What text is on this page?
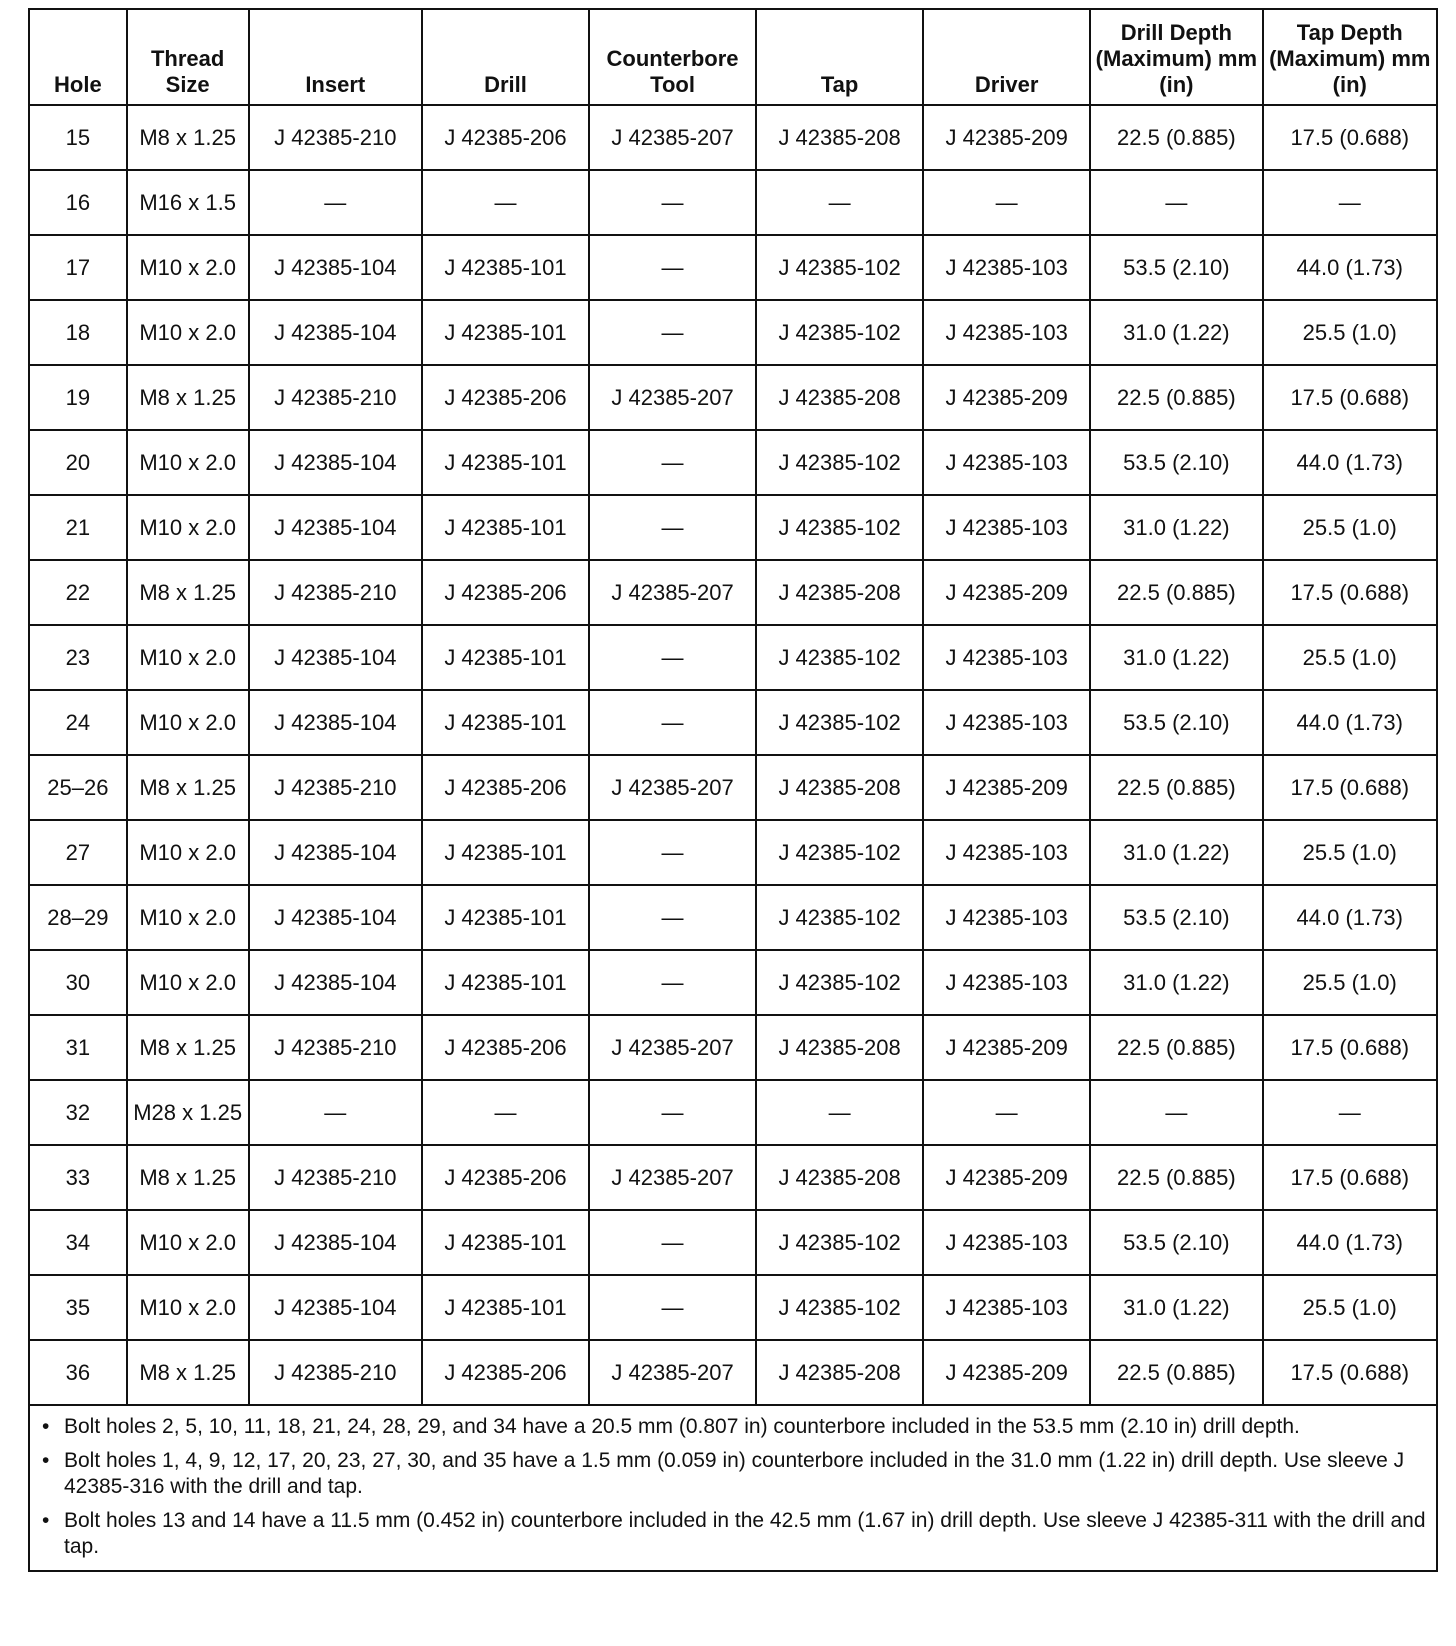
Hole	Thread Size	Insert	Drill	Counterbore Tool	Tap	Driver	Drill Depth (Maximum) mm (in)	Tap Depth (Maximum) mm (in)
15	M8 x 1.25	J 42385-210	J 42385-206	J 42385-207	J 42385-208	J 42385-209	22.5 (0.885)	17.5 (0.688)
16	M16 x 1.5	—	—	—	—	—	—	—
17	M10 x 2.0	J 42385-104	J 42385-101	—	J 42385-102	J 42385-103	53.5 (2.10)	44.0 (1.73)
18	M10 x 2.0	J 42385-104	J 42385-101	—	J 42385-102	J 42385-103	31.0 (1.22)	25.5 (1.0)
19	M8 x 1.25	J 42385-210	J 42385-206	J 42385-207	J 42385-208	J 42385-209	22.5 (0.885)	17.5 (0.688)
20	M10 x 2.0	J 42385-104	J 42385-101	—	J 42385-102	J 42385-103	53.5 (2.10)	44.0 (1.73)
21	M10 x 2.0	J 42385-104	J 42385-101	—	J 42385-102	J 42385-103	31.0 (1.22)	25.5 (1.0)
22	M8 x 1.25	J 42385-210	J 42385-206	J 42385-207	J 42385-208	J 42385-209	22.5 (0.885)	17.5 (0.688)
23	M10 x 2.0	J 42385-104	J 42385-101	—	J 42385-102	J 42385-103	31.0 (1.22)	25.5 (1.0)
24	M10 x 2.0	J 42385-104	J 42385-101	—	J 42385-102	J 42385-103	53.5 (2.10)	44.0 (1.73)
25–26	M8 x 1.25	J 42385-210	J 42385-206	J 42385-207	J 42385-208	J 42385-209	22.5 (0.885)	17.5 (0.688)
27	M10 x 2.0	J 42385-104	J 42385-101	—	J 42385-102	J 42385-103	31.0 (1.22)	25.5 (1.0)
28–29	M10 x 2.0	J 42385-104	J 42385-101	—	J 42385-102	J 42385-103	53.5 (2.10)	44.0 (1.73)
30	M10 x 2.0	J 42385-104	J 42385-101	—	J 42385-102	J 42385-103	31.0 (1.22)	25.5 (1.0)
31	M8 x 1.25	J 42385-210	J 42385-206	J 42385-207	J 42385-208	J 42385-209	22.5 (0.885)	17.5 (0.688)
32	M28 x 1.25	—	—	—	—	—	—	—
33	M8 x 1.25	J 42385-210	J 42385-206	J 42385-207	J 42385-208	J 42385-209	22.5 (0.885)	17.5 (0.688)
34	M10 x 2.0	J 42385-104	J 42385-101	—	J 42385-102	J 42385-103	53.5 (2.10)	44.0 (1.73)
35	M10 x 2.0	J 42385-104	J 42385-101	—	J 42385-102	J 42385-103	31.0 (1.22)	25.5 (1.0)
36	M8 x 1.25	J 42385-210	J 42385-206	J 42385-207	J 42385-208	J 42385-209	22.5 (0.885)	17.5 (0.688)
• Bolt holes 2, 5, 10, 11, 18, 21, 24, 28, 29, and 34 have a 20.5 mm (0.807 in) counterbore included in the 53.5 mm (2.10 in) drill depth.
• Bolt holes 1, 4, 9, 12, 17, 20, 23, 27, 30, and 35 have a 1.5 mm (0.059 in) counterbore included in the 31.0 mm (1.22 in) drill depth. Use sleeve J 42385-316 with the drill and tap.
• Bolt holes 13 and 14 have a 11.5 mm (0.452 in) counterbore included in the 42.5 mm (1.67 in) drill depth. Use sleeve J 42385-311 with the drill and tap.
